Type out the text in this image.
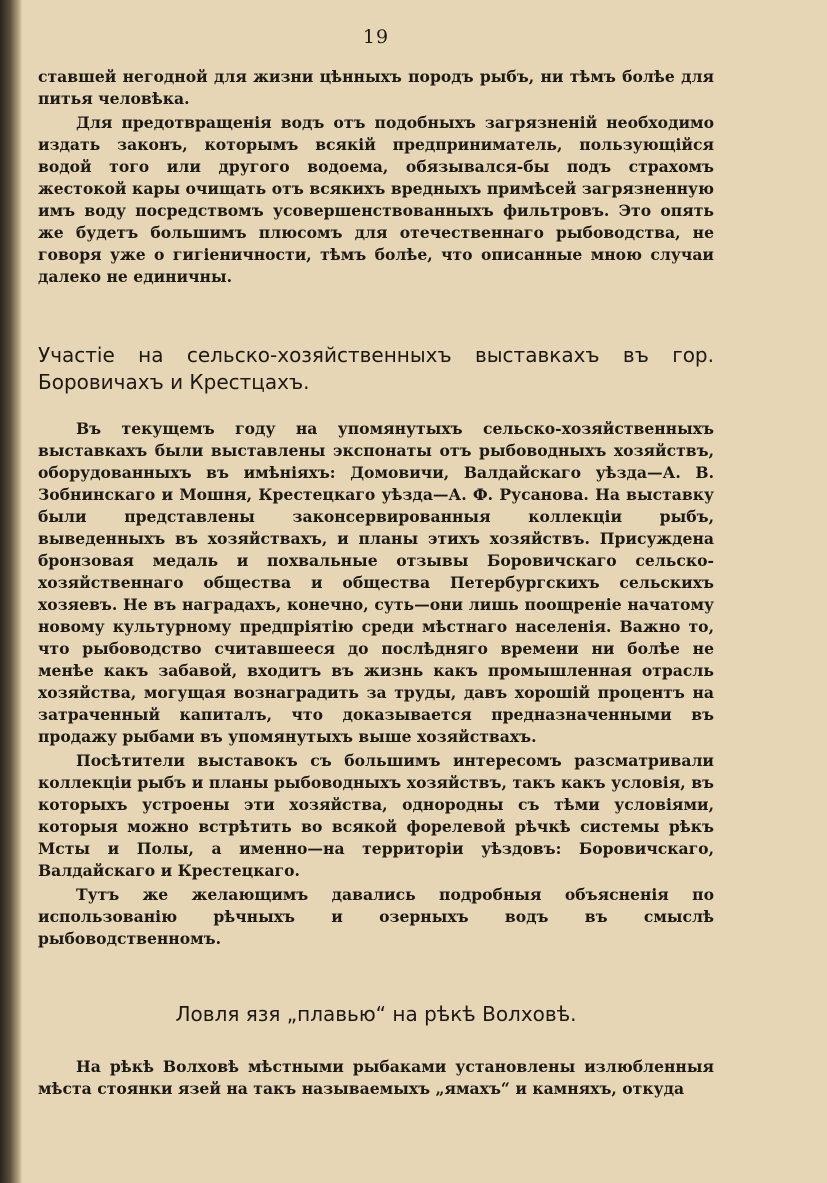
19

ставшей негодной для жизни цѣнныхъ породъ рыбъ, ни тѣмъ болѣе для питья человѣка.

Для предотвращенія водъ отъ подобныхъ загрязненій необходимо издать законъ, которымъ всякій предприниматель, пользующійся водой того или другого водоема, обязывался-бы подъ страхомъ жестокой кары очищать отъ всякихъ вредныхъ примѣсей загрязненную имъ воду посредствомъ усовершенствованныхъ фильтровъ. Это опять же будетъ большимъ плюсомъ для отечественнаго рыбоводства, не говоря уже о гигіеничности, тѣмъ болѣе, что описанные мною случаи далеко не единичны.

Участіе на сельско-хозяйственныхъ выставкахъ въ гор. Боровичахъ и Крестцахъ.

Въ текущемъ году на упомянутыхъ сельско-хозяйственныхъ выставкахъ были выставлены экспонаты отъ рыбоводныхъ хозяйствъ, оборудованныхъ въ имѣніяхъ: Домовичи, Валдайскаго уѣзда—А. В. Зобнинскаго и Мошня, Крестецкаго уѣзда—А. Ф. Русанова. На выставку были представлены законсервированныя коллекціи рыбъ, выведенныхъ въ хозяйствахъ, и планы этихъ хозяйствъ. Присуждена бронзовая медаль и похвальные отзывы Боровичскаго сельско-хозяйственнаго общества и общества Петербургскихъ сельскихъ хозяевъ. Не въ наградахъ, конечно, суть—они лишь поощреніе начатому новому культурному предпріятію среди мѣстнаго населенія. Важно то, что рыбоводство считавшееся до послѣдняго времени ни болѣе не менѣе какъ забавой, входитъ въ жизнь какъ промышленная отрасль хозяйства, могущая вознаградить за труды, давъ хорошій процентъ на затраченный капиталъ, что доказывается предназначенными въ продажу рыбами въ упомянутыхъ выше хозяйствахъ.

Посѣтители выставокъ съ большимъ интересомъ разсматривали коллекціи рыбъ и планы рыбоводныхъ хозяйствъ, такъ какъ условія, въ которыхъ устроены эти хозяйства, однородны съ тѣми условіями, которыя можно встрѣтить во всякой форелевой рѣчкѣ системы рѣкъ Мсты и Полы, а именно—на территоріи уѣздовъ: Боровичскаго, Валдайскаго и Крестецкаго.

Тутъ же желающимъ давались подробныя объясненія по использованію рѣчныхъ и озерныхъ водъ въ смыслѣ рыбоводственномъ.

Ловля язя „плавью“ на рѣкѣ Волховѣ.

На рѣкѣ Волховѣ мѣстными рыбаками установлены излюбленныя мѣста стоянки язей на такъ называемыхъ „ямахъ“ и камняхъ, откуда
